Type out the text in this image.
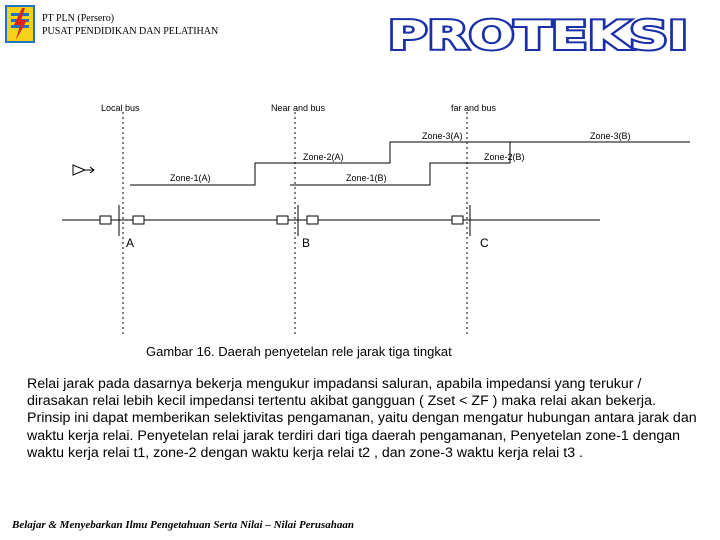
PT PLN (Persero)
PUSAT PENDIDIKAN DAN PELATIHAN	PROTEKSI
Local bus	Near and bus	far and bus
Zone-1(A)
Zone-2(A)
Zone-3(A)
Zone-1(B)
Zone-2(B)
Zone-3(B)
A	B	C
Gambar 16. Daerah penyetelan rele jarak tiga tingkat

Relai jarak pada dasarnya bekerja mengukur impadansi saluran, apabila impedansi yang terukur / dirasakan relai lebih kecil impedansi tertentu akibat gangguan ( Zset < ZF ) maka relai akan bekerja.

Prinsip ini dapat memberikan selektivitas pengamanan, yaitu dengan mengatur hubungan antara jarak dan waktu kerja relai. Penyetelan relai jarak terdiri dari tiga daerah pengamanan, Penyetelan zone-1 dengan waktu kerja relai t1, zone-2 dengan waktu kerja relai t2 , dan zone-3 waktu kerja relai t3 .

Belajar & Menyebarkan Ilmu Pengetahuan Serta Nilai – Nilai Perusahaan
